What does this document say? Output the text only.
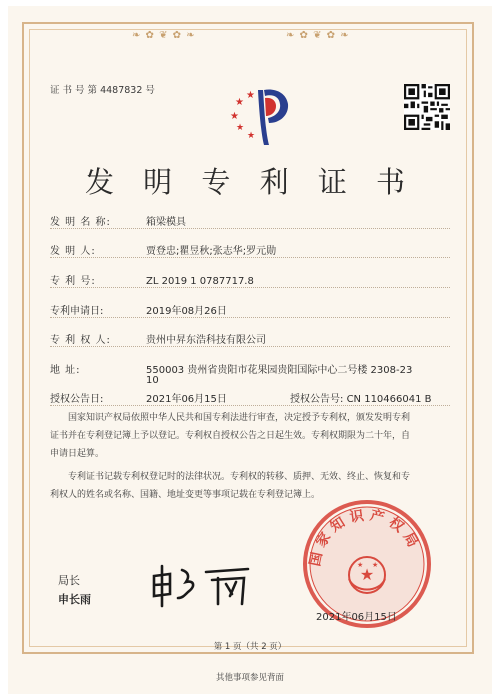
❧ ✿ ❦ ✿ ❧	❧ ✿ ❦ ✿ ❧
证 书 号 第 4487832 号
★
★
★
★
★
发 明 专 利 证 书
发 明 名 称:	箱梁模具
发 明 人:	贾登忠;瞿昱秋;张志华;罗元勋
专 利 号:	ZL 2019 1 0787717.8
专利申请日:	2019年08月26日
专 利 权 人:	贵州中昇东浩科技有限公司
地 址:	550003 贵州省贵阳市花果园贵阳国际中心二号楼 2308-23
10
授权公告日:	2021年06月15日	授权公告号: CN 110466041 B
国家知识产权局依照中华人民共和国专利法进行审查，决定授予专利权，颁发发明专利
证书并在专利登记簿上予以登记。专利权自授权公告之日起生效。专利权期限为二十年，自
申请日起算。
专利证书记载专利权登记时的法律状况。专利权的转移、质押、无效、终止、恢复和专
利权人的姓名或名称、国籍、地址变更等事项记载在专利登记簿上。
局长
申长雨
国家知识产权局
★
★ ★
2021年06月15日
第 1 页（共 2 页）
其他事项参见背面
